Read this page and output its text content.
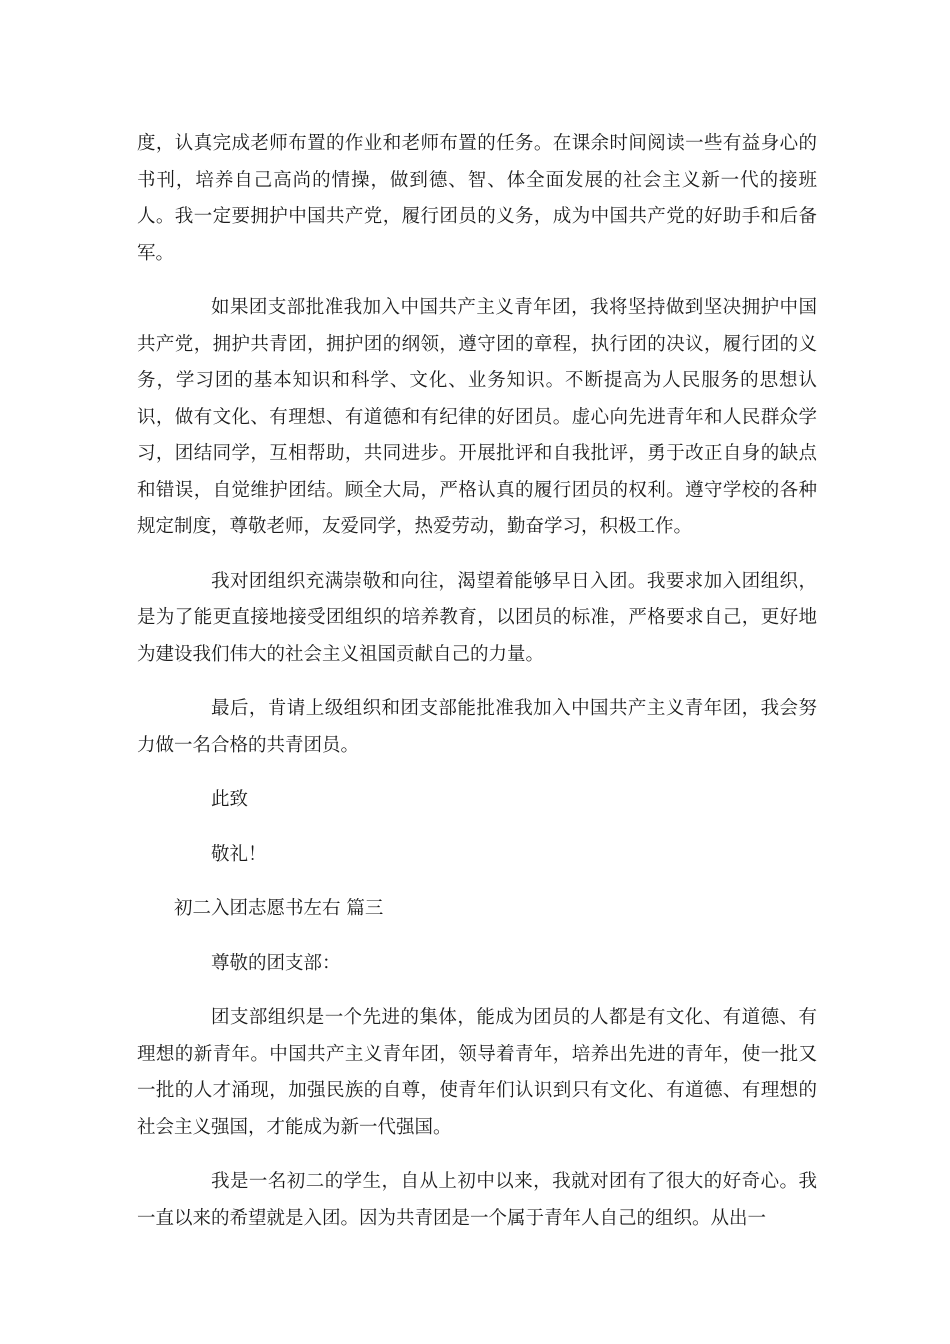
度，认真完成老师布置的作业和老师布置的任务。在课余时间阅读一些有益身心的书刊，培养自己高尚的情操，做到德、智、体全面发展的社会主义新一代的接班人。我一定要拥护中国共产党，履行团员的义务，成为中国共产党的好助手和后备军。

如果团支部批准我加入中国共产主义青年团，我将坚持做到坚决拥护中国共产党，拥护共青团，拥护团的纲领，遵守团的章程，执行团的决议，履行团的义务，学习团的基本知识和科学、文化、业务知识。不断提高为人民服务的思想认识，做有文化、有理想、有道德和有纪律的好团员。虚心向先进青年和人民群众学习，团结同学，互相帮助，共同进步。开展批评和自我批评，勇于改正自身的缺点和错误，自觉维护团结。顾全大局，严格认真的履行团员的权利。遵守学校的各种规定制度，尊敬老师，友爱同学，热爱劳动，勤奋学习，积极工作。

我对团组织充满崇敬和向往，渴望着能够早日入团。我要求加入团组织，是为了能更直接地接受团组织的培养教育，以团员的标准，严格要求自己，更好地为建设我们伟大的社会主义祖国贡献自己的力量。

最后，肯请上级组织和团支部能批准我加入中国共产主义青年团，我会努力做一名合格的共青团员。

此致

敬礼！

初二入团志愿书左右 篇三

尊敬的团支部：

团支部组织是一个先进的集体，能成为团员的人都是有文化、有道德、有理想的新青年。中国共产主义青年团，领导着青年，培养出先进的青年，使一批又一批的人才涌现，加强民族的自尊，使青年们认识到只有文化、有道德、有理想的社会主义强国，才能成为新一代强国。

我是一名初二的学生，自从上初中以来，我就对团有了很大的好奇心。我一直以来的希望就是入团。因为共青团是一个属于青年人自己的组织。从出一
